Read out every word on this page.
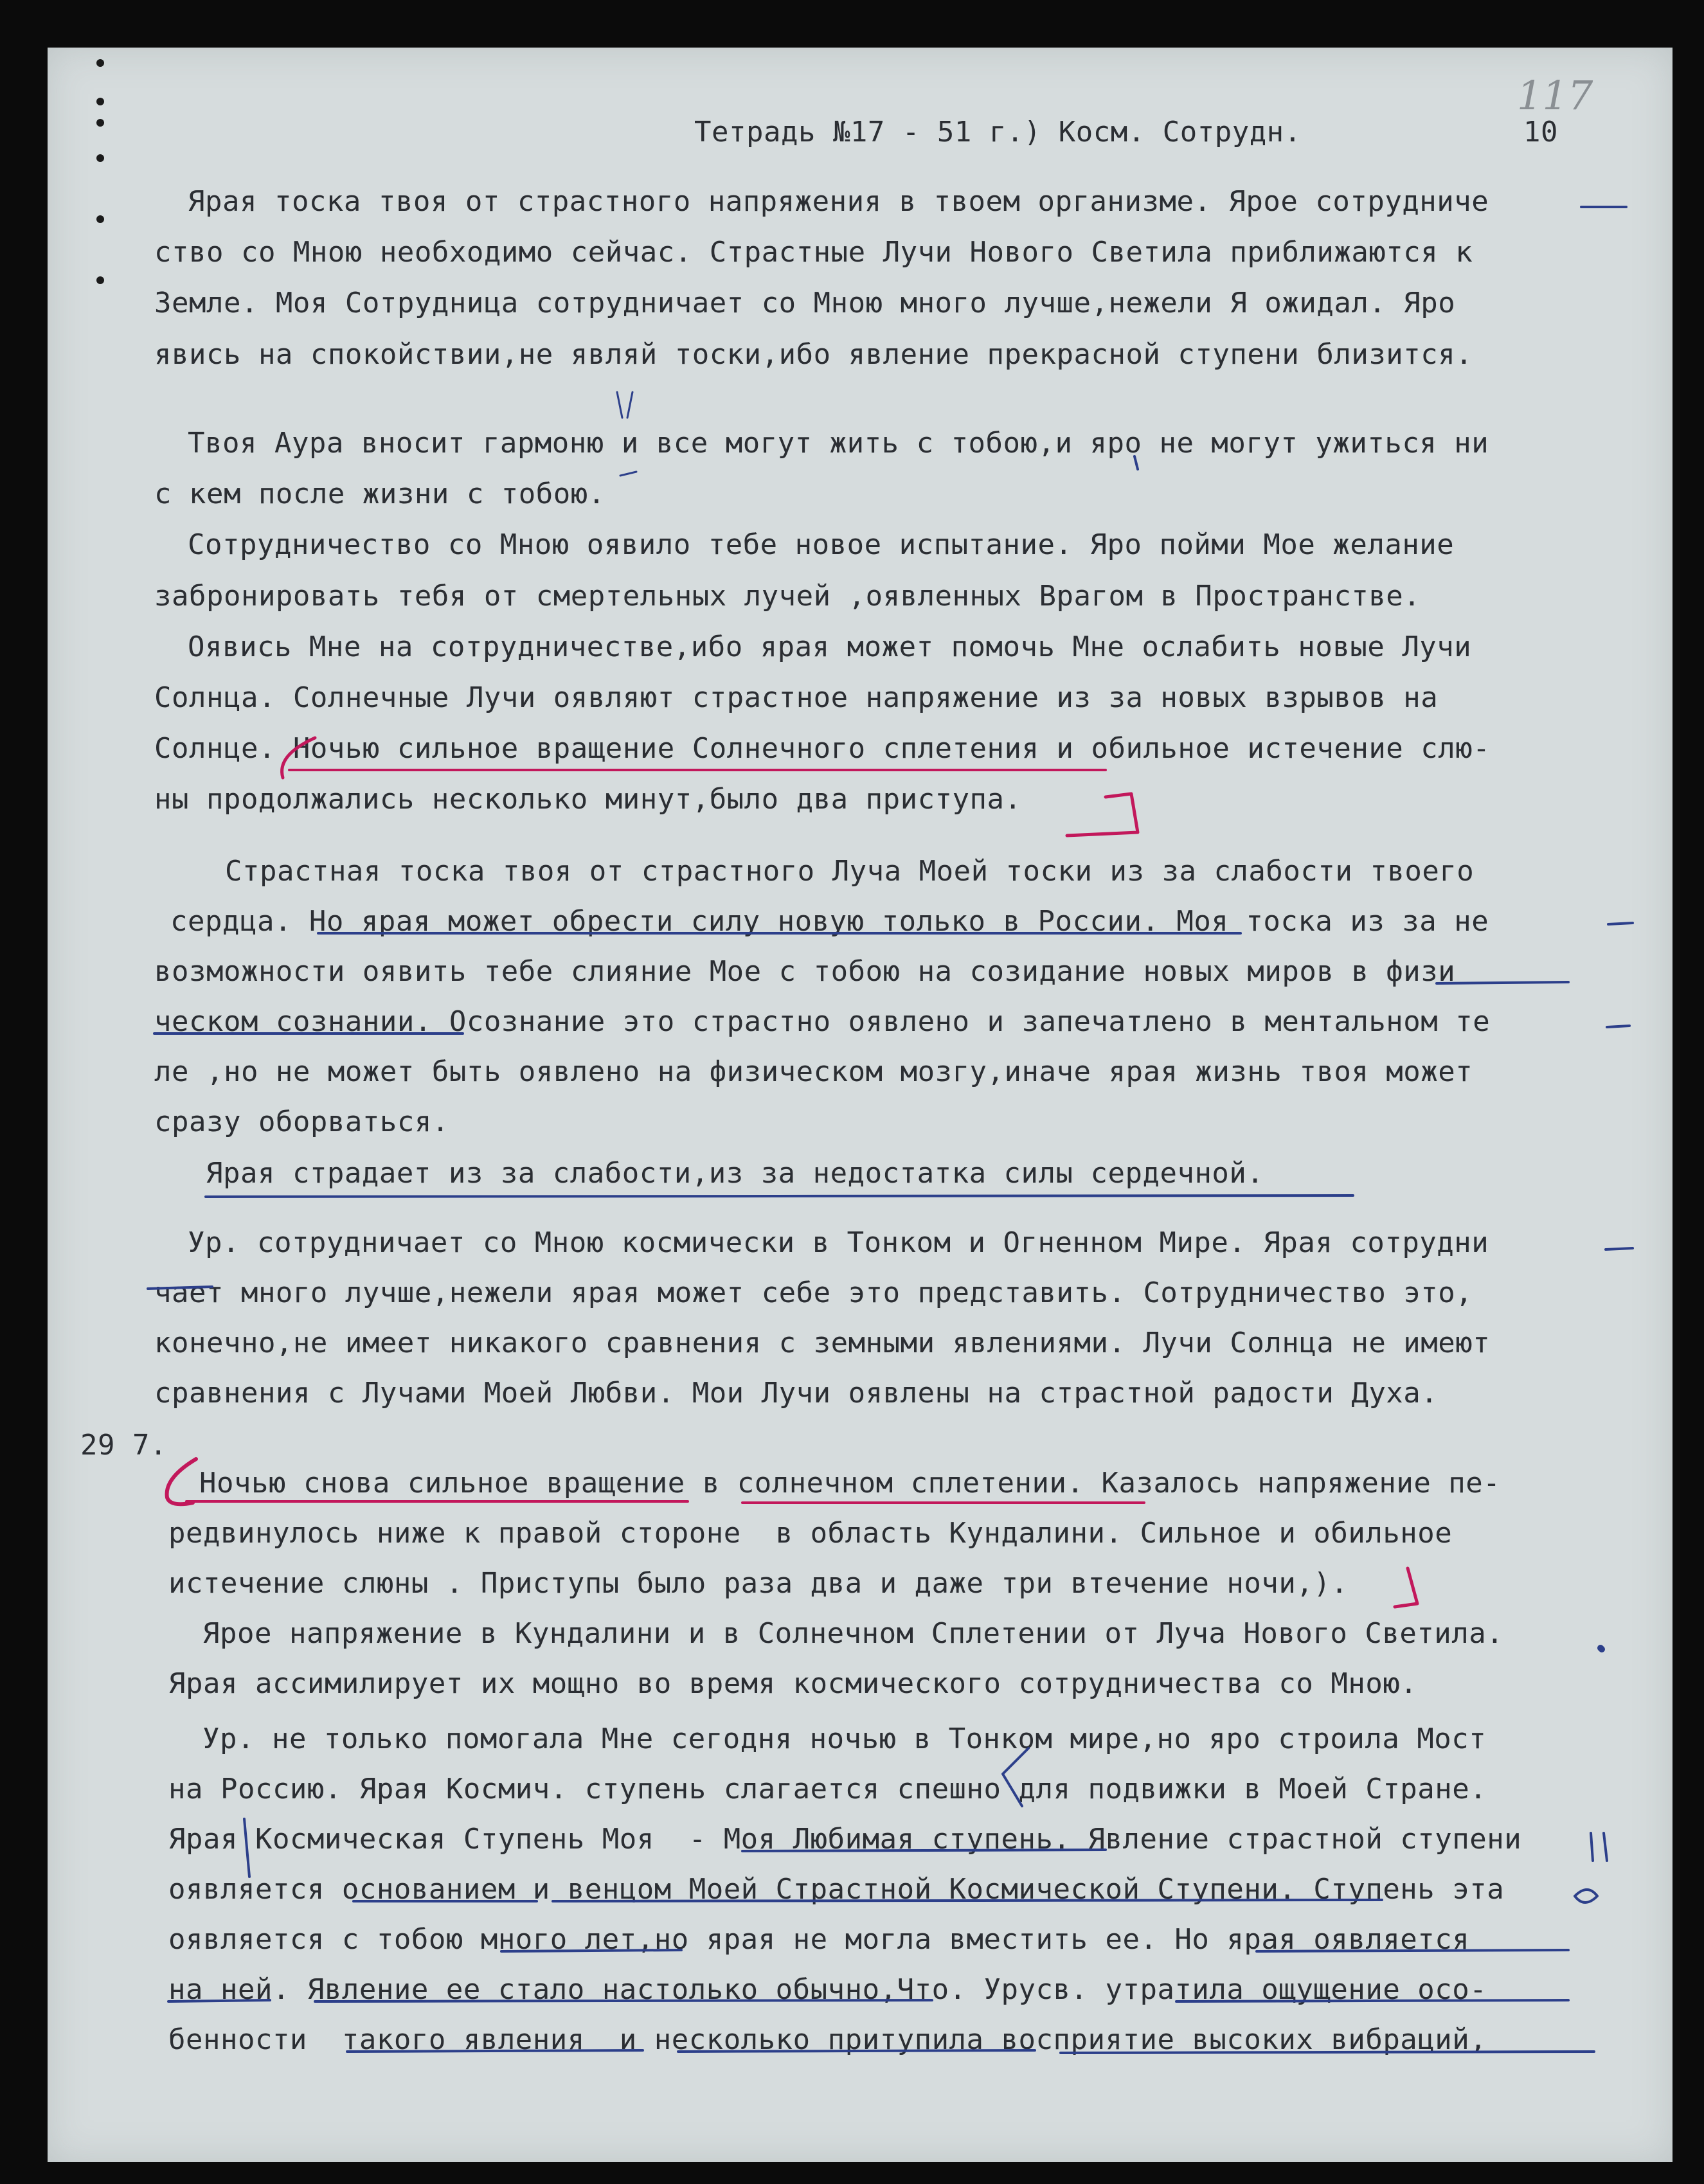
117
Тетрадь №17 - 51 г.) Косм. Сотрудн.	10
29 7.
Ярая тоска твоя от страстного напряжения в твоем организме. Ярое сотрудниче
ство со Мною необходимо сейчас. Страстные Лучи Нового Светила приближаются к
Земле. Моя Сотрудница сотрудничает со Мною много лучше,нежели Я ожидал. Яро
явись на спокойствии,не являй тоски,ибо явление прекрасной ступени близится.
Твоя Аура вносит гармоню и все могут жить с тобою,и яро не могут ужиться ни
с кем после жизни с тобою.
Сотрудничество со Мною оявило тебе новое испытание. Яро пойми Мое желание
забронировать тебя от смертельных лучей ,оявленных Врагом в Пространстве.
Оявись Мне на сотрудничестве,ибо ярая может помочь Мне ослабить новые Лучи
Солнца. Солнечные Лучи оявляют страстное напряжение из за новых взрывов на
Солнце. Ночью сильное вращение Солнечного сплетения и обильное истечение слю-
ны продолжались несколько минут,было два приступа.
Страстная тоска твоя от страстного Луча Моей тоски из за слабости твоего
сердца. Но ярая может обрести силу новую только в России. Моя тоска из за не
возможности оявить тебе слияние Мое с тобою на созидание новых миров в физи
ческом сознании. Осознание это страстно оявлено и запечатлено в ментальном те
ле ,но не может быть оявлено на физическом мозгу,иначе ярая жизнь твоя может
сразу оборваться.
Ярая страдает из за слабости,из за недостатка силы сердечной.
Ур. сотрудничает со Мною космически в Тонком и Огненном Мире. Ярая сотрудни
чает много лучше,нежели ярая может себе это представить. Сотрудничество это,
конечно,не имеет никакого сравнения с земными явлениями. Лучи Солнца не имеют
сравнения с Лучами Моей Любви. Мои Лучи оявлены на страстной радости Духа.
Ночью снова сильное вращение в солнечном сплетении. Казалось напряжение пе-
редвинулось ниже к правой стороне  в область Кундалини. Сильное и обильное
истечение слюны . Приступы было раза два и даже три втечение ночи,).
Ярое напряжение в Кундалини и в Солнечном Сплетении от Луча Нового Светила.
Ярая ассимилирует их мощно во время космического сотрудничества со Мною.
Ур. не только помогала Мне сегодня ночью в Тонком мире,но яро строила Мост
на Россию. Ярая Космич. ступень слагается спешно для подвижки в Моей Стране.
Ярая Космическая Ступень Моя  - Моя Любимая ступень. Явление страстной ступени
оявляется основанием и венцом Моей Страстной Космической Ступени. Ступень эта
оявляется с тобою много лет,но ярая не могла вместить ее. Но ярая оявляется
на ней. Явление ее стало настолько обычно,Что. Урусв. утратила ощущение осо-
бенности  такого явления  и несколько притупила восприятие высоких вибраций,
